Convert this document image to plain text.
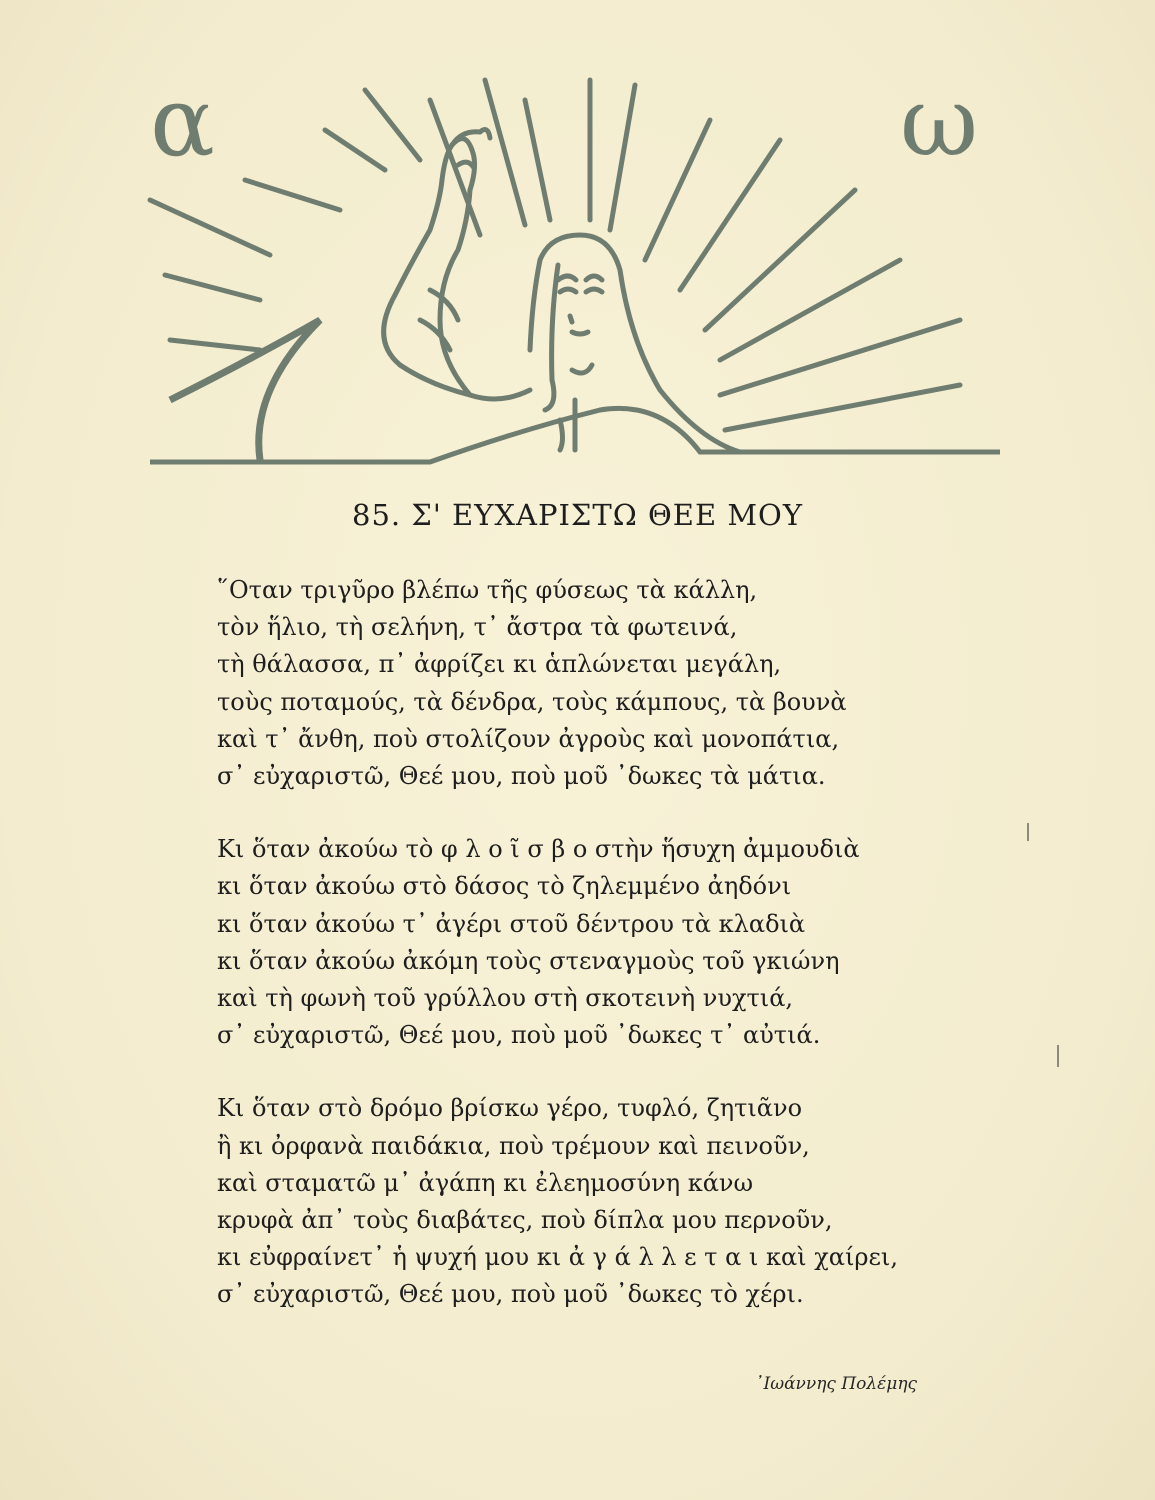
α	ω
85. Σ' ΕΥΧΑΡΙΣΤΩ ΘΕΕ ΜΟΥ

῞Οταν τριγῦρο βλέπω τῆς φύσεως τὰ κάλλη,
τὸν ἥλιο, τὴ σελήνη, τ᾽ ἄστρα τὰ φωτεινά,
τὴ θάλασσα, π᾽ ἀφρίζει κι ἁπλώνεται μεγάλη,
τοὺς ποταμούς, τὰ δένδρα, τοὺς κάμπους, τὰ βουνὰ
καὶ τ᾽ ἄνθη, ποὺ στολίζουν ἀγροὺς καὶ μονοπάτια,
σ᾽ εὐχαριστῶ, Θεέ μου, ποὺ μοῦ ᾽δωκες τὰ μάτια.

Κι ὅταν ἀκούω τὸ φ λ ο ῖ σ β ο στὴν ἥσυχη ἀμμουδιὰ
κι ὅταν ἀκούω στὸ δάσος τὸ ζηλεμμένο ἀηδόνι
κι ὅταν ἀκούω τ᾽ ἀγέρι στοῦ δέντρου τὰ κλαδιὰ
κι ὅταν ἀκούω ἀκόμη τοὺς στεναγμοὺς τοῦ γκιώνη
καὶ τὴ φωνὴ τοῦ γρύλλου στὴ σκοτεινὴ νυχτιά,
σ᾽ εὐχαριστῶ, Θεέ μου, ποὺ μοῦ ᾽δωκες τ᾽ αὐτιά.

Κι ὅταν στὸ δρόμο βρίσκω γέρο, τυφλό, ζητιᾶνο
ἢ κι ὀρφανὰ παιδάκια, ποὺ τρέμουν καὶ πεινοῦν,
καὶ σταματῶ μ᾽ ἀγάπη κι ἐλεημοσύνη κάνω
κρυφὰ ἀπ᾽ τοὺς διαβάτες, ποὺ δίπλα μου περνοῦν,
κι εὐφραίνετ᾽ ἡ ψυχή μου κι ἀ γ ά λ λ ε τ α ι καὶ χαίρει,
σ᾽ εὐχαριστῶ, Θεέ μου, ποὺ μοῦ ᾽δωκες τὸ χέρι.

᾽Ιωάννης Πολέμης
